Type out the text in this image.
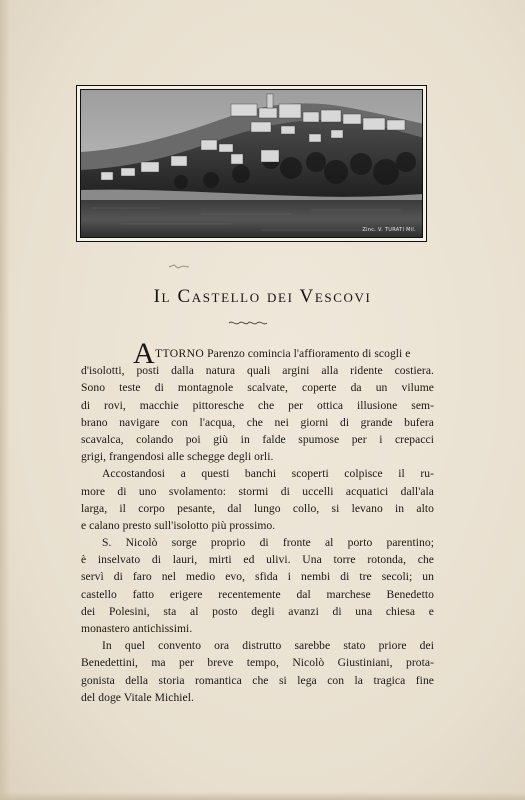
Zinc. V. TURATI Mil.
Il Castello dei Vescovi
A TTORNO Parenzo comincia l'affioramento di scogli e
d'isolotti, posti dalla natura quali argini alla ridente costiera.
Sono teste di montagnole scalvate, coperte da un vilume
di rovi, macchie pittoresche che per ottica illusione sem-
brano navigare con l'acqua, che nei giorni di grande bufera
scavalca, colando poi giù in falde spumose per i crepacci
grigi, frangendosi alle schegge degli orli.
Accostandosi a questi banchi scoperti colpisce il ru-
more di uno svolamento: stormi di uccelli acquatici dall'ala
larga, il corpo pesante, dal lungo collo, si levano in alto
e calano presto sull'isolotto più prossimo.
S. Nicolò sorge proprio di fronte al porto parentino;
è inselvato di lauri, mirti ed ulivi. Una torre rotonda, che
servì di faro nel medio evo, sfida i nembi di tre secoli; un
castello fatto erigere recentemente dal marchese Benedetto
dei Polesini, sta al posto degli avanzi di una chiesa e
monastero antichissimi.
In quel convento ora distrutto sarebbe stato priore dei
Benedettini, ma per breve tempo, Nicolò Giustiniani, prota-
gonista della storia romantica che si lega con la tragica fine
del doge Vitale Michiel.
